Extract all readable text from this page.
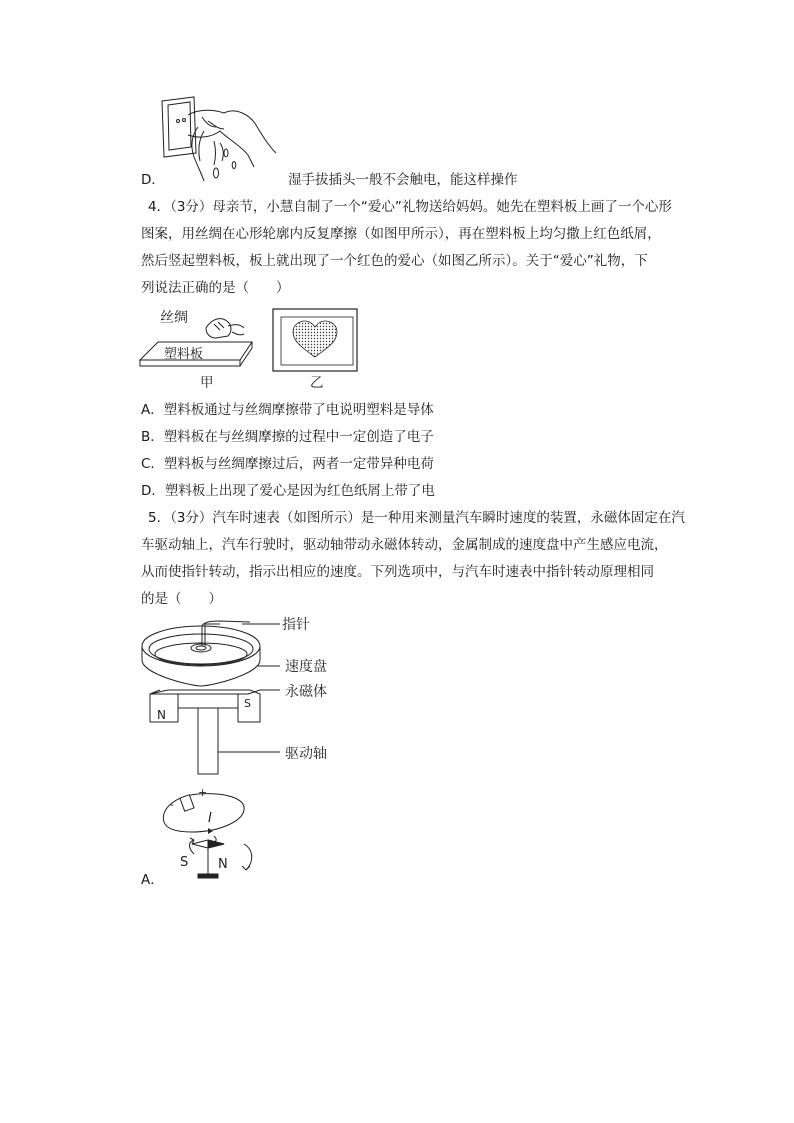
D．	湿手拔插头一般不会触电，能这样操作
4．（3分）母亲节，小慧自制了一个“爱心”礼物送给妈妈。她先在塑料板上画了一个心形
图案，用丝绸在心形轮廓内反复摩擦（如图甲所示），再在塑料板上均匀撒上红色纸屑，
然后竖起塑料板，板上就出现了一个红色的爱心（如图乙所示）。关于“爱心”礼物，下
列说法正确的是（　　）
丝绸
塑料板
甲	乙
A．塑料板通过与丝绸摩擦带了电说明塑料是导体
B．塑料板在与丝绸摩擦的过程中一定创造了电子
C．塑料板与丝绸摩擦过后，两者一定带异种电荷
D．塑料板上出现了爱心是因为红色纸屑上带了电
5．（3分）汽车时速表（如图所示）是一种用来测量汽车瞬时速度的装置，永磁体固定在汽
车驱动轴上，汽车行驶时，驱动轴带动永磁体转动，金属制成的速度盘中产生感应电流，
从而使指针转动，指示出相应的速度。下列选项中，与汽车时速表中指针转动原理相同
的是（　　）
N
S
指针
速度盘
永磁体
驱动轴
-
+
I
S N
A．
